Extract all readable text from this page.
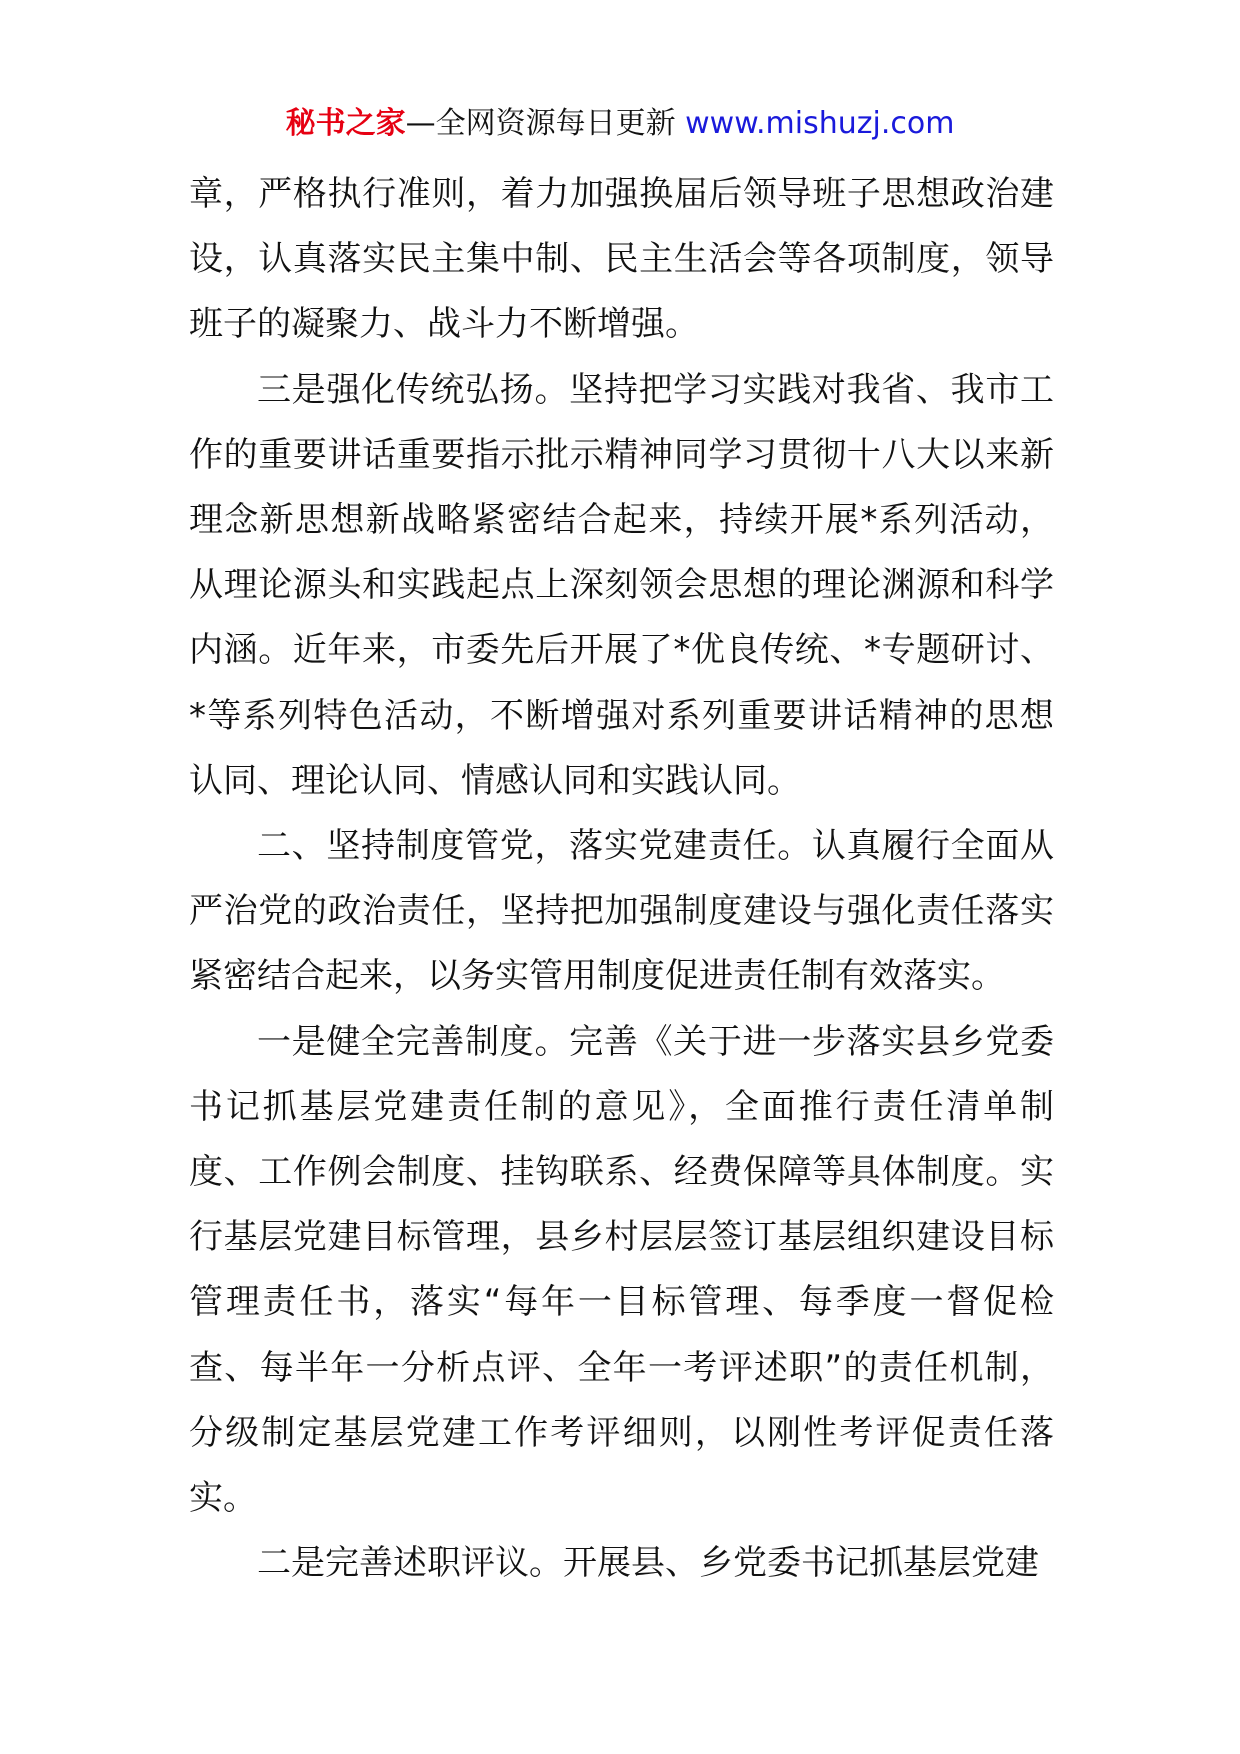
秘书之家—全网资源每日更新 www.mishuzj.com

章，严格执行准则，着力加强换届后领导班子思想政治建设，认真落实民主集中制、民主生活会等各项制度，领导班子的凝聚力、战斗力不断增强。

三是强化传统弘扬。坚持把学习实践对我省、我市工作的重要讲话重要指示批示精神同学习贯彻十八大以来新理念新思想新战略紧密结合起来，持续开展*系列活动，从理论源头和实践起点上深刻领会思想的理论渊源和科学内涵。近年来，市委先后开展了*优良传统、*专题研讨、*等系列特色活动，不断增强对系列重要讲话精神的思想认同、理论认同、情感认同和实践认同。

二、坚持制度管党，落实党建责任。认真履行全面从严治党的政治责任，坚持把加强制度建设与强化责任落实紧密结合起来，以务实管用制度促进责任制有效落实。

一是健全完善制度。完善《关于进一步落实县乡党委书记抓基层党建责任制的意见》，全面推行责任清单制度、工作例会制度、挂钩联系、经费保障等具体制度。实行基层党建目标管理，县乡村层层签订基层组织建设目标管理责任书，落实“每年一目标管理、每季度一督促检查、每半年一分析点评、全年一考评述职”的责任机制，分级制定基层党建工作考评细则，以刚性考评促责任落实。

二是完善述职评议。开展县、乡党委书记抓基层党建
